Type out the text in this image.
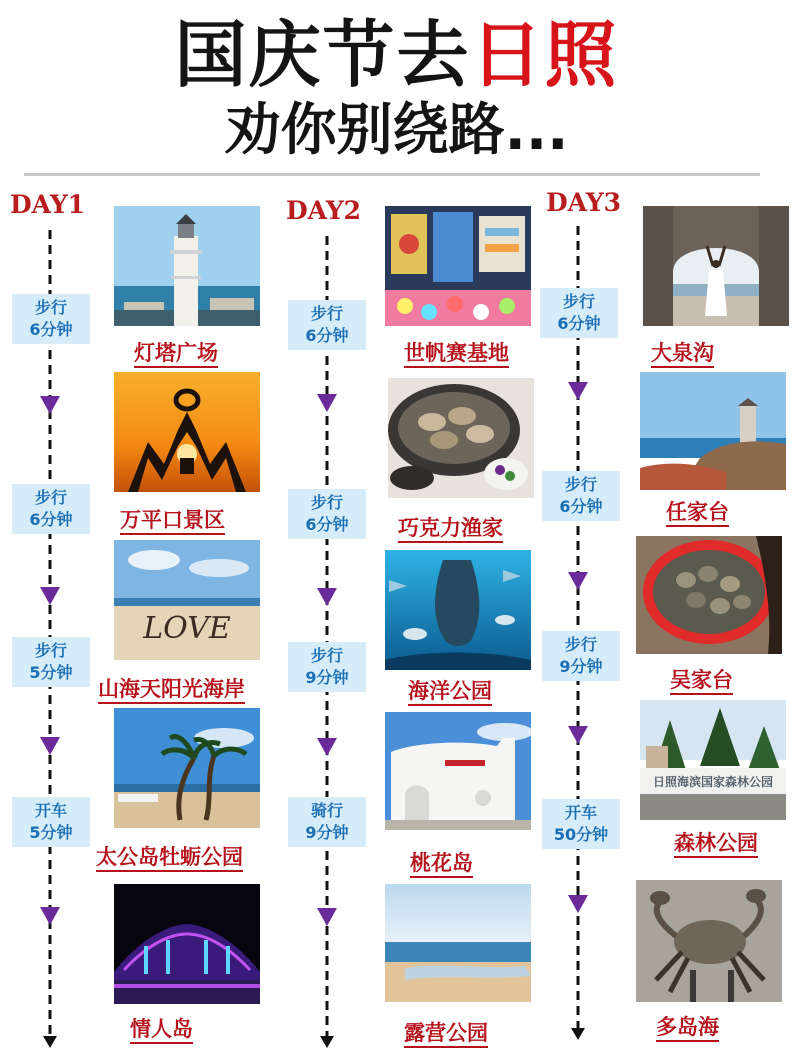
国庆节去日照
劝你别绕路...
DAY1	DAY2	DAY3
步行
6分钟
步行
6分钟
步行
5分钟
开车
5分钟
步行
6分钟
步行
6分钟
步行
9分钟
骑行
9分钟
步行
6分钟
步行
6分钟
步行
9分钟
开车
50分钟
灯塔广场
万平口景区
LOVE
山海天阳光海岸
太公岛牡蛎公园
情人岛
世帆赛基地
巧克力渔家
海洋公园
桃花岛
露营公园
大泉沟
任家台
吴家台
日照海滨国家森林公园
森林公园
多岛海
